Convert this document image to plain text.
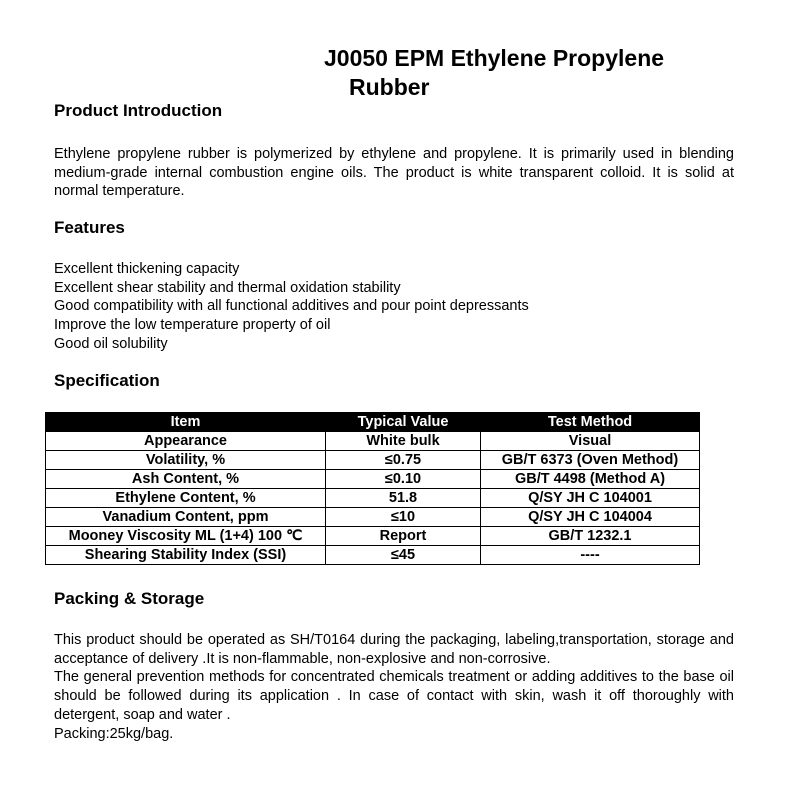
J0050 EPM Ethylene Propylene
Rubber
Product Introduction

Ethylene propylene rubber is polymerized by ethylene and propylene. It is primarily used in blending medium-grade internal combustion engine oils. The product is white transparent colloid. It is solid at normal temperature.

Features
Excellent thickening capacity
Excellent shear stability and thermal oxidation stability
Good compatibility with all functional additives and pour point depressants
Improve the low temperature property of oil
Good oil solubility
Specification
Item	Typical Value	Test Method
Appearance	White bulk	Visual
Volatility, %	≤0.75	GB/T 6373 (Oven Method)
Ash Content, %	≤0.10	GB/T 4498 (Method A)
Ethylene Content, %	51.8	Q/SY JH C 104001
Vanadium Content, ppm	≤10	Q/SY JH C 104004
Mooney Viscosity ML (1+4) 100 ℃	Report	GB/T 1232.1
Shearing Stability Index (SSI)	≤45	----
Packing & Storage

This product should be operated as SH/T0164 during the packaging, labeling,transportation, storage and acceptance of delivery .It is non-flammable, non-explosive and non-corrosive.

The general prevention methods for concentrated chemicals treatment or adding additives to the base oil should be followed during its application . In case of contact with skin, wash it off thoroughly with detergent, soap and water .

Packing:25kg/bag.
